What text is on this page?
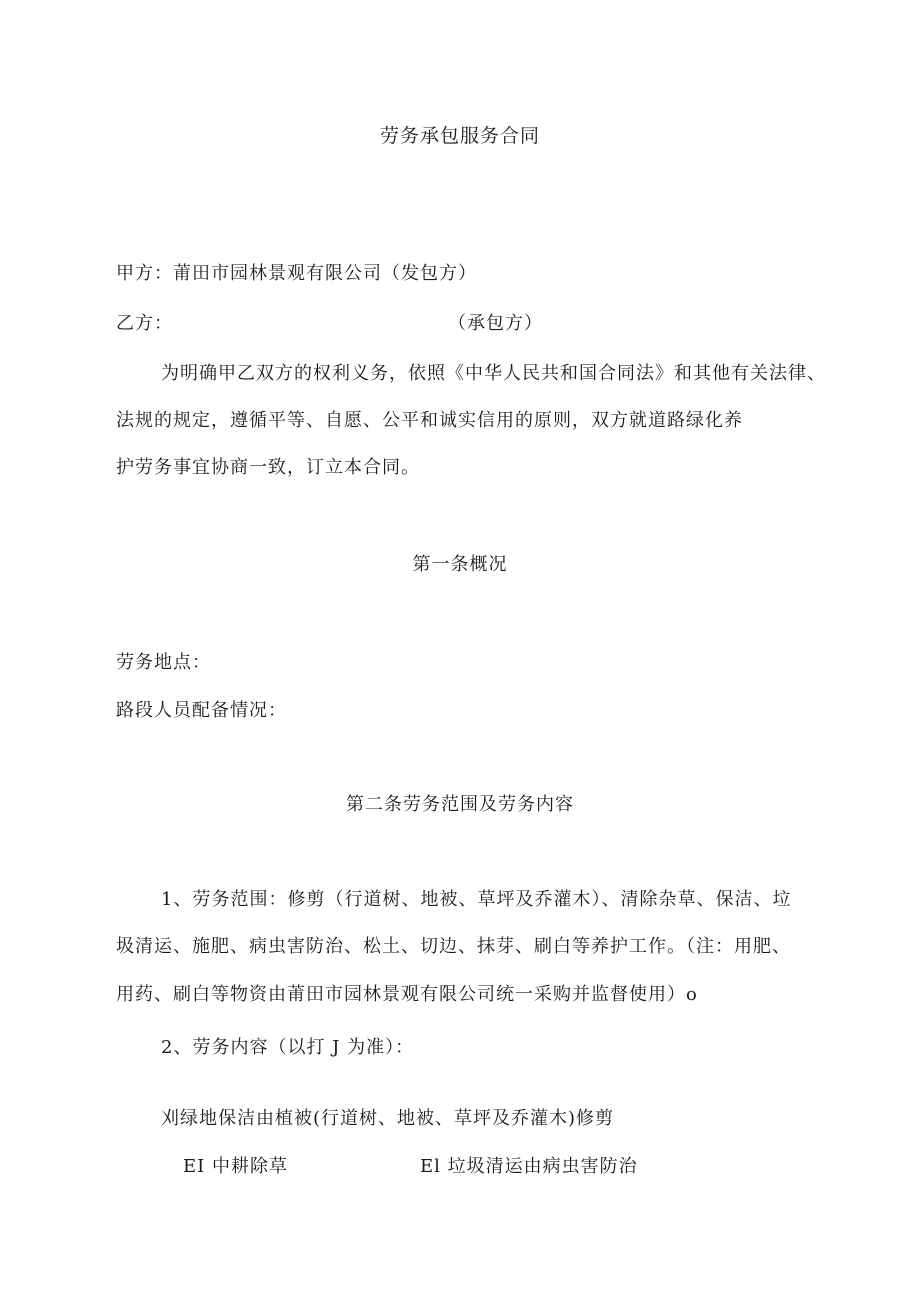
劳务承包服务合同
甲方：莆田市园林景观有限公司（发包方）
乙方：	（承包方）
为明确甲乙双方的权利义务，依照《中华人民共和国合同法》和其他有关法律、
法规的规定，遵循平等、自愿、公平和诚实信用的原则，双方就道路绿化养
护劳务事宜协商一致，订立本合同。
第一条概况
劳务地点：
路段人员配备情况：
第二条劳务范围及劳务内容
1、劳务范围：修剪（行道树、地被、草坪及乔灌木）、清除杂草、保洁、垃
圾清运、施肥、病虫害防治、松土、切边、抹芽、刷白等养护工作。（注：用肥、
用药、刷白等物资由莆田市园林景观有限公司统一采购并监督使用）o
2、劳务内容（以打 J 为准）：
刈绿地保洁由植被(行道树、地被、草坪及乔灌木)修剪
EI 中耕除草	El 垃圾清运由病虫害防治
